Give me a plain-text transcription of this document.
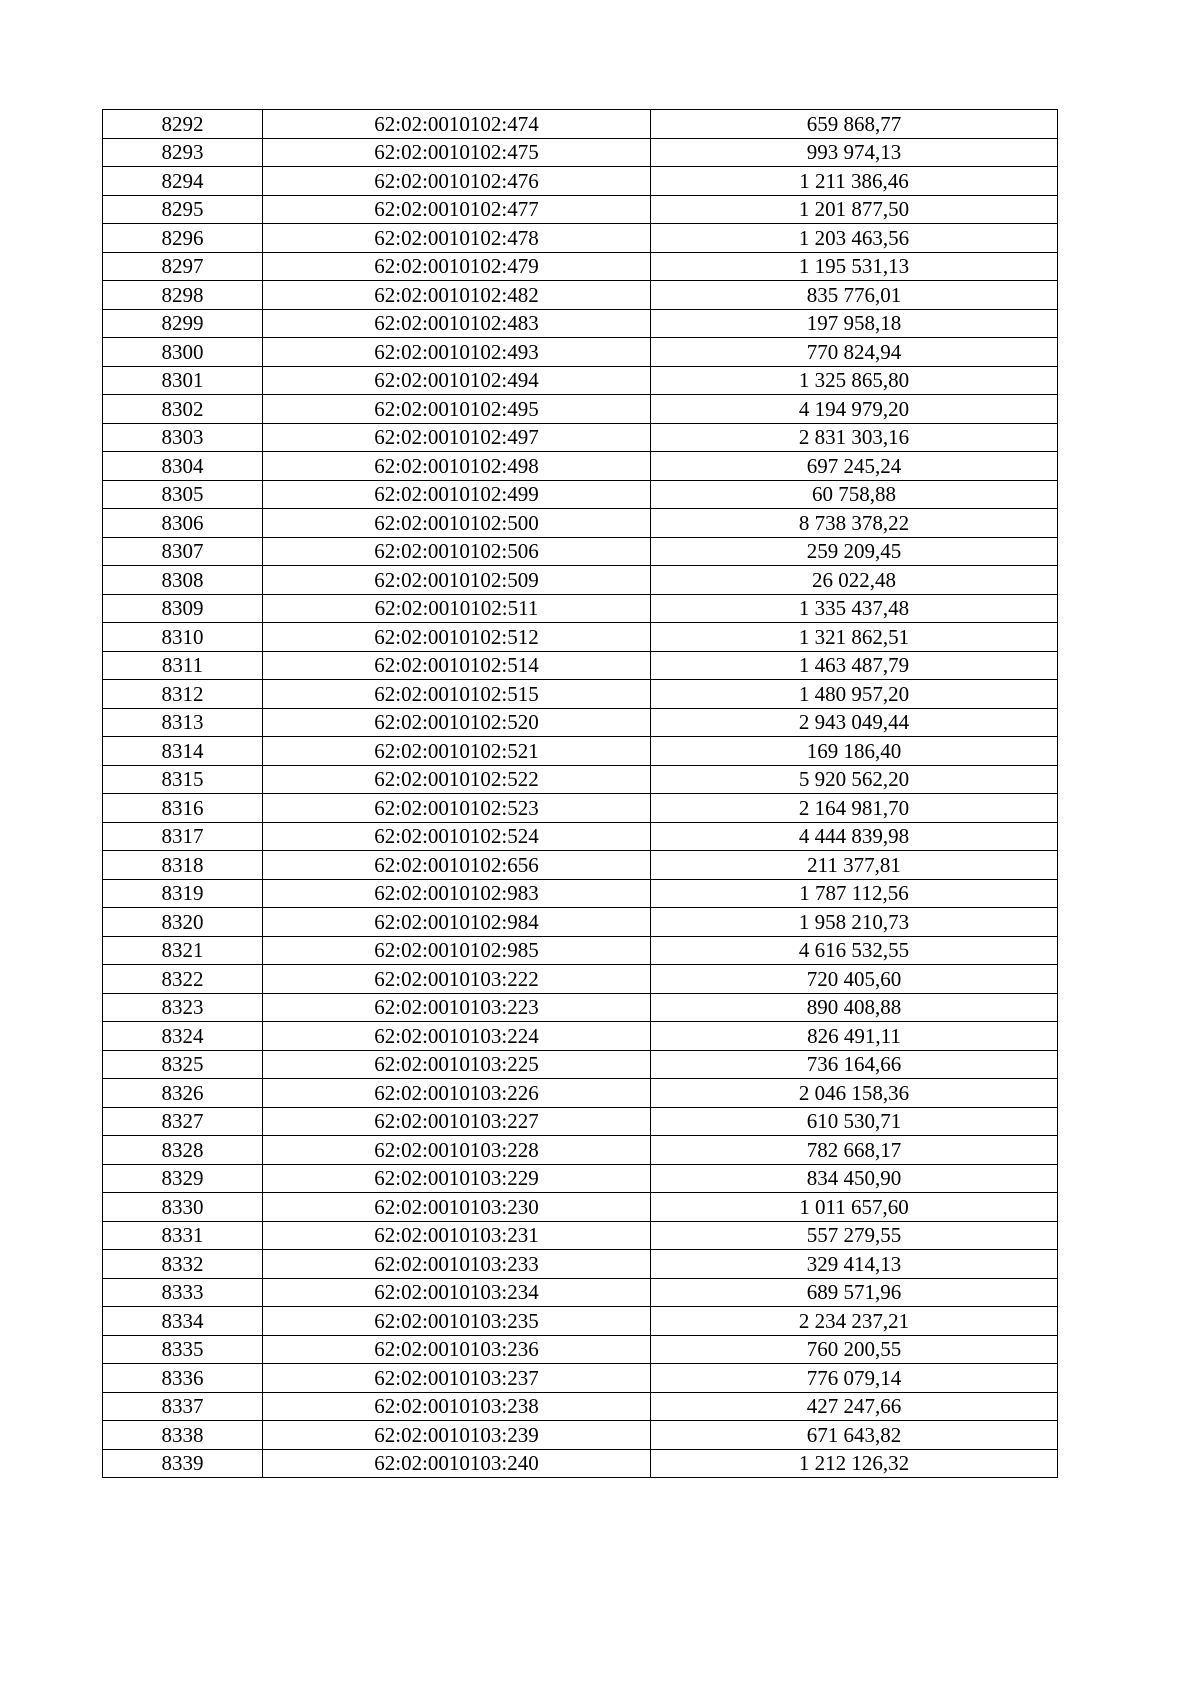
8292	62:02:0010102:474	659 868,77
8293	62:02:0010102:475	993 974,13
8294	62:02:0010102:476	1 211 386,46
8295	62:02:0010102:477	1 201 877,50
8296	62:02:0010102:478	1 203 463,56
8297	62:02:0010102:479	1 195 531,13
8298	62:02:0010102:482	835 776,01
8299	62:02:0010102:483	197 958,18
8300	62:02:0010102:493	770 824,94
8301	62:02:0010102:494	1 325 865,80
8302	62:02:0010102:495	4 194 979,20
8303	62:02:0010102:497	2 831 303,16
8304	62:02:0010102:498	697 245,24
8305	62:02:0010102:499	60 758,88
8306	62:02:0010102:500	8 738 378,22
8307	62:02:0010102:506	259 209,45
8308	62:02:0010102:509	26 022,48
8309	62:02:0010102:511	1 335 437,48
8310	62:02:0010102:512	1 321 862,51
8311	62:02:0010102:514	1 463 487,79
8312	62:02:0010102:515	1 480 957,20
8313	62:02:0010102:520	2 943 049,44
8314	62:02:0010102:521	169 186,40
8315	62:02:0010102:522	5 920 562,20
8316	62:02:0010102:523	2 164 981,70
8317	62:02:0010102:524	4 444 839,98
8318	62:02:0010102:656	211 377,81
8319	62:02:0010102:983	1 787 112,56
8320	62:02:0010102:984	1 958 210,73
8321	62:02:0010102:985	4 616 532,55
8322	62:02:0010103:222	720 405,60
8323	62:02:0010103:223	890 408,88
8324	62:02:0010103:224	826 491,11
8325	62:02:0010103:225	736 164,66
8326	62:02:0010103:226	2 046 158,36
8327	62:02:0010103:227	610 530,71
8328	62:02:0010103:228	782 668,17
8329	62:02:0010103:229	834 450,90
8330	62:02:0010103:230	1 011 657,60
8331	62:02:0010103:231	557 279,55
8332	62:02:0010103:233	329 414,13
8333	62:02:0010103:234	689 571,96
8334	62:02:0010103:235	2 234 237,21
8335	62:02:0010103:236	760 200,55
8336	62:02:0010103:237	776 079,14
8337	62:02:0010103:238	427 247,66
8338	62:02:0010103:239	671 643,82
8339	62:02:0010103:240	1 212 126,32
